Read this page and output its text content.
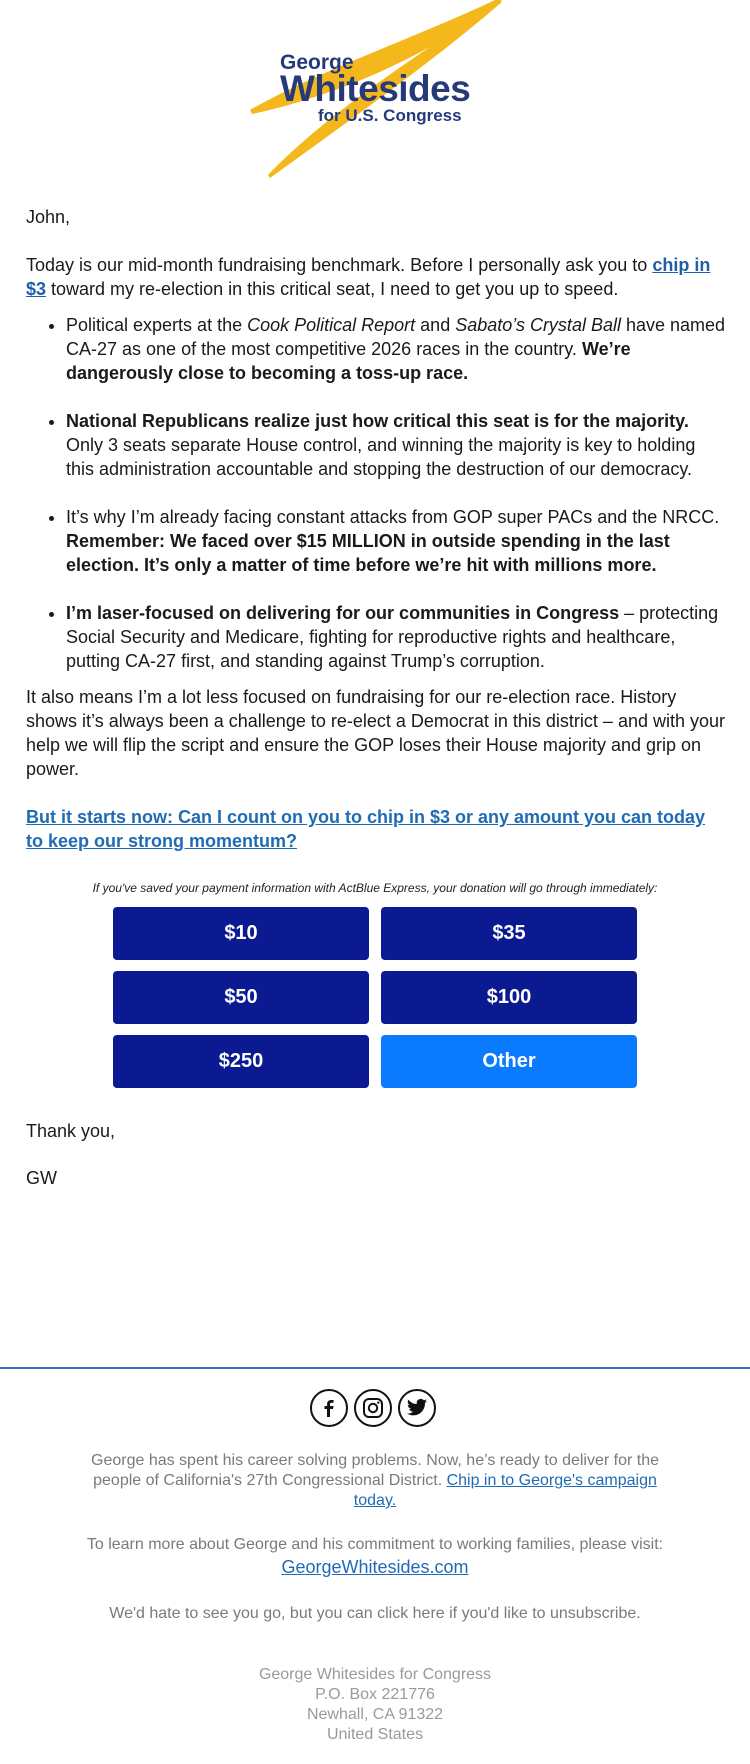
George
Whitesides
for U.S. Congress

John,

Today is our mid-month fundraising benchmark. Before I personally ask you to chip in $3 toward my re-election in this critical seat, I need to get you up to speed.

• Political experts at the Cook Political Report and Sabato’s Crystal Ball have named CA-27 as one of the most competitive 2026 races in the country. We’re dangerously close to becoming a toss-up race.
• National Republicans realize just how critical this seat is for the majority. Only 3 seats separate House control, and winning the majority is key to holding this administration accountable and stopping the destruction of our democracy.
• It’s why I’m already facing constant attacks from GOP super PACs and the NRCC. Remember: We faced over $15 MILLION in outside spending in the last election. It’s only a matter of time before we’re hit with millions more.
• I’m laser-focused on delivering for our communities in Congress – protecting Social Security and Medicare, fighting for reproductive rights and healthcare, putting CA-27 first, and standing against Trump’s corruption.

It also means I’m a lot less focused on fundraising for our re-election race. History shows it’s always been a challenge to re-elect a Democrat in this district – and with your help we will flip the script and ensure the GOP loses their House majority and grip on power.

But it starts now: Can I count on you to chip in $3 or any amount you can today to keep our strong momentum?

If you've saved your payment information with ActBlue Express, your donation will go through immediately:
$10	$35
$50	$100
$250	Other
Thank you,
GW
George has spent his career solving problems. Now, he’s ready to deliver for the people of California's 27th Congressional District. Chip in to George's campaign today.
To learn more about George and his commitment to working families, please visit:
GeorgeWhitesides.com
We'd hate to see you go, but you can click here if you'd like to unsubscribe.
George Whitesides for Congress
P.O. Box 221776
Newhall, CA 91322
United States
